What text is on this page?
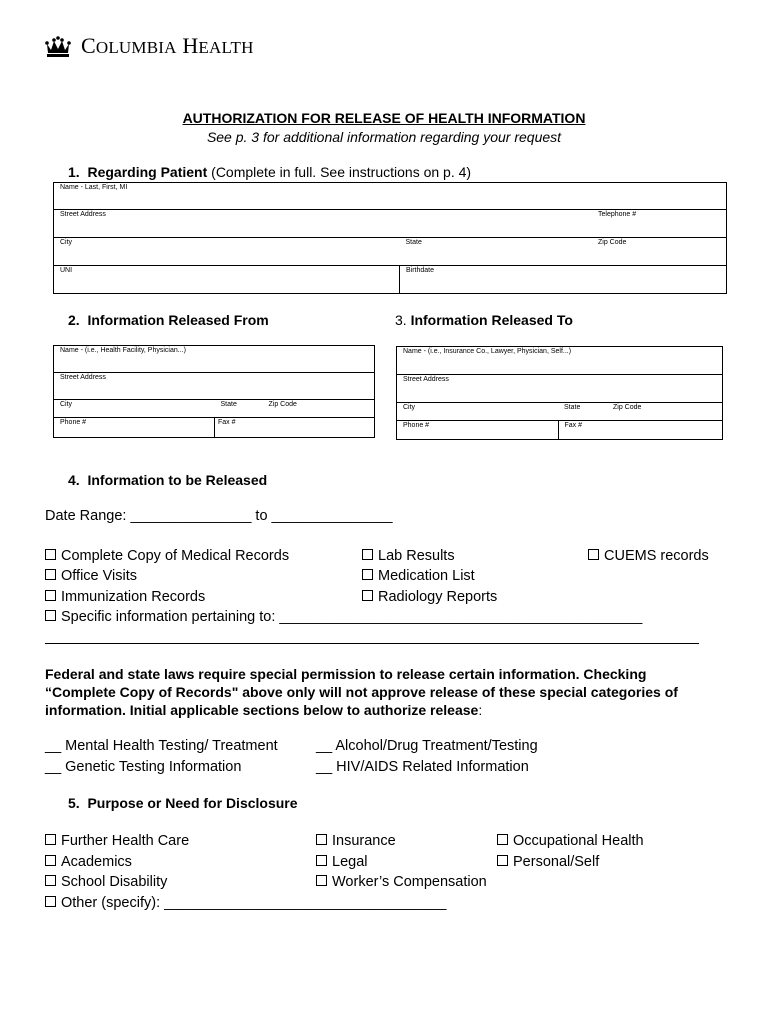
COLUMBIA HEALTH
AUTHORIZATION FOR RELEASE OF HEALTH INFORMATION
See p. 3 for additional information regarding your request
1. Regarding Patient (Complete in full. See instructions on p. 4)
Name - Last, First, MI		

Street Address		Telephone #

City	State	Zip Code

UNI	Birthdate	
2. Information Released From	3. Information Released To
Name - (i.e., Health Facility, Physician...)		

Street Address		

City	State	Zip Code

Phone #	Fax #	
Name - (i.e., Insurance Co., Lawyer, Physician, Self...)		

Street Address		

City	State	Zip Code

Phone #	Fax #	
4. Information to be Released
Date Range: _______________ to _______________
Complete Copy of Medical Records	Lab Results	CUEMS records
Office Visits	Medication List
Immunization Records	Radiology Reports
Specific information pertaining to: _____________________________________________
Federal and state laws require special permission to release certain information. Checking “Complete Copy of Records" above only will not approve release of these special categories of information. Initial applicable sections below to authorize release:
__ Mental Health Testing/ Treatment	__ Alcohol/Drug Treatment/Testing
__ Genetic Testing Information	__ HIV/AIDS Related Information
5. Purpose or Need for Disclosure
Further Health Care	Insurance	Occupational Health
Academics	Legal	Personal/Self
School Disability	Worker’s Compensation
Other (specify): ___________________________________
